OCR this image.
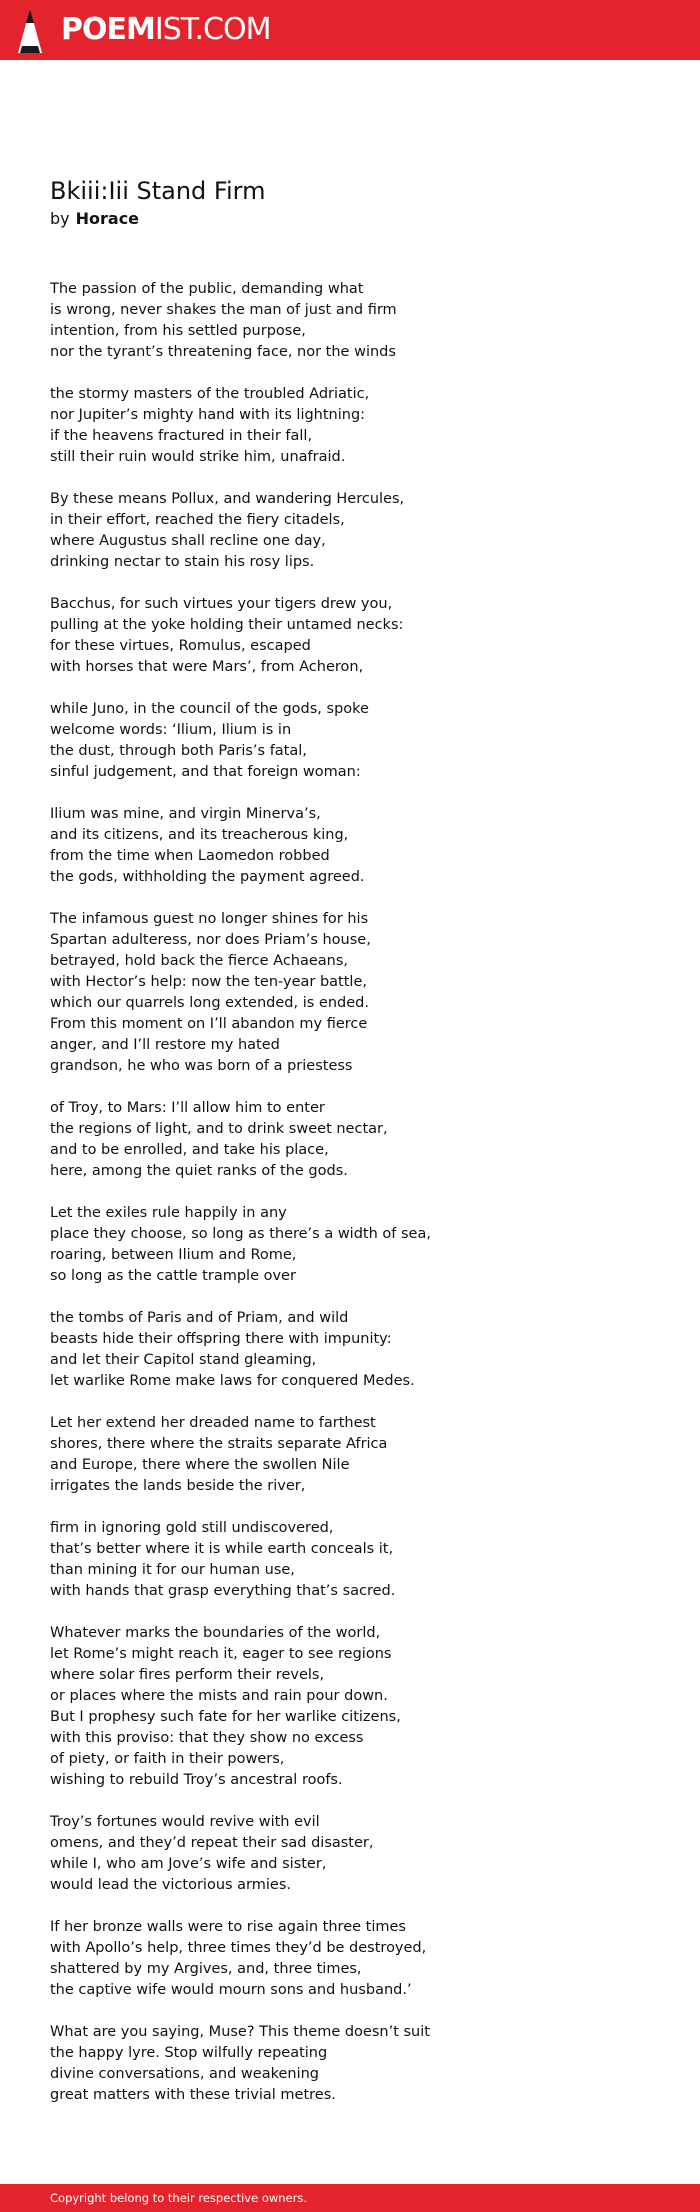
POEMIST.COM
Bkiii:Iii Stand Firm
by Horace
The passion of the public, demanding what
is wrong, never shakes the man of just and firm
intention, from his settled purpose,
nor the tyrant’s threatening face, nor the winds
the stormy masters of the troubled Adriatic,
nor Jupiter’s mighty hand with its lightning:
if the heavens fractured in their fall,
still their ruin would strike him, unafraid.
By these means Pollux, and wandering Hercules,
in their effort, reached the fiery citadels,
where Augustus shall recline one day,
drinking nectar to stain his rosy lips.
Bacchus, for such virtues your tigers drew you,
pulling at the yoke holding their untamed necks:
for these virtues, Romulus, escaped
with horses that were Mars’, from Acheron,
while Juno, in the council of the gods, spoke
welcome words: ‘Ilium, Ilium is in
the dust, through both Paris’s fatal,
sinful judgement, and that foreign woman:
Ilium was mine, and virgin Minerva’s,
and its citizens, and its treacherous king,
from the time when Laomedon robbed
the gods, withholding the payment agreed.
The infamous guest no longer shines for his
Spartan adulteress, nor does Priam’s house,
betrayed, hold back the fierce Achaeans,
with Hector’s help: now the ten-year battle,
which our quarrels long extended, is ended.
From this moment on I’ll abandon my fierce
anger, and I’ll restore my hated
grandson, he who was born of a priestess
of Troy, to Mars: I’ll allow him to enter
the regions of light, and to drink sweet nectar,
and to be enrolled, and take his place,
here, among the quiet ranks of the gods.
Let the exiles rule happily in any
place they choose, so long as there’s a width of sea,
roaring, between Ilium and Rome,
so long as the cattle trample over
the tombs of Paris and of Priam, and wild
beasts hide their offspring there with impunity:
and let their Capitol stand gleaming,
let warlike Rome make laws for conquered Medes.
Let her extend her dreaded name to farthest
shores, there where the straits separate Africa
and Europe, there where the swollen Nile
irrigates the lands beside the river,
firm in ignoring gold still undiscovered,
that’s better where it is while earth conceals it,
than mining it for our human use,
with hands that grasp everything that’s sacred.
Whatever marks the boundaries of the world,
let Rome’s might reach it, eager to see regions
where solar fires perform their revels,
or places where the mists and rain pour down.
But I prophesy such fate for her warlike citizens,
with this proviso: that they show no excess
of piety, or faith in their powers,
wishing to rebuild Troy’s ancestral roofs.
Troy’s fortunes would revive with evil
omens, and they’d repeat their sad disaster,
while I, who am Jove’s wife and sister,
would lead the victorious armies.
If her bronze walls were to rise again three times
with Apollo’s help, three times they’d be destroyed,
shattered by my Argives, and, three times,
the captive wife would mourn sons and husband.’
What are you saying, Muse? This theme doesn’t suit
the happy lyre. Stop wilfully repeating
divine conversations, and weakening
great matters with these trivial metres.
Copyright belong to their respective owners.
